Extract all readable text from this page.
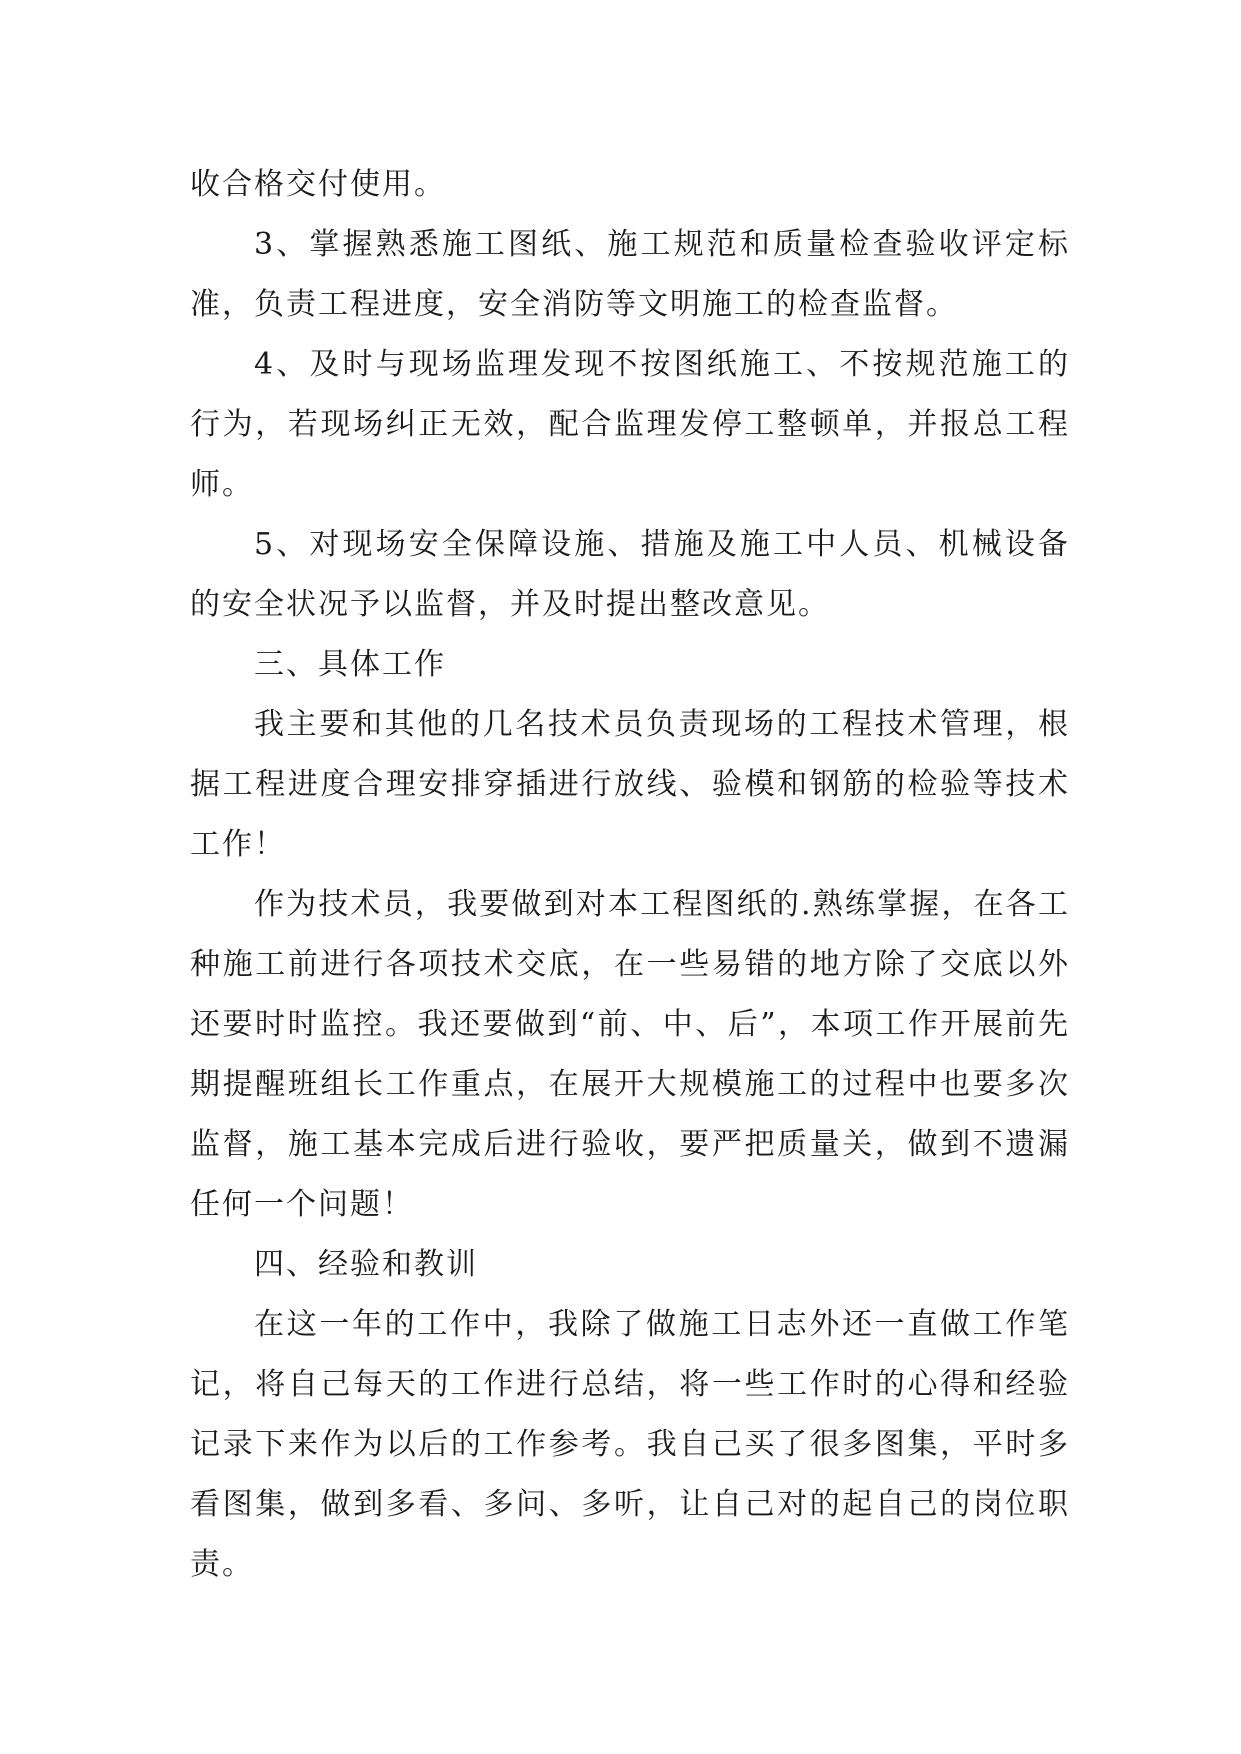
收合格交付使用。

3、掌握熟悉施工图纸、施工规范和质量检查验收评定标准，负责工程进度，安全消防等文明施工的检查监督。

4、及时与现场监理发现不按图纸施工、不按规范施工的行为，若现场纠正无效，配合监理发停工整顿单，并报总工程师。

5、对现场安全保障设施、措施及施工中人员、机械设备的安全状况予以监督，并及时提出整改意见。

三、具体工作

我主要和其他的几名技术员负责现场的工程技术管理，根据工程进度合理安排穿插进行放线、验模和钢筋的检验等技术工作！

作为技术员，我要做到对本工程图纸的.熟练掌握，在各工种施工前进行各项技术交底，在一些易错的地方除了交底以外还要时时监控。我还要做到“前、中、后”，本项工作开展前先期提醒班组长工作重点，在展开大规模施工的过程中也要多次监督，施工基本完成后进行验收，要严把质量关，做到不遗漏任何一个问题！

四、经验和教训

在这一年的工作中，我除了做施工日志外还一直做工作笔记，将自己每天的工作进行总结，将一些工作时的心得和经验记录下来作为以后的工作参考。我自己买了很多图集，平时多看图集，做到多看、多问、多听，让自己对的起自己的岗位职责。
